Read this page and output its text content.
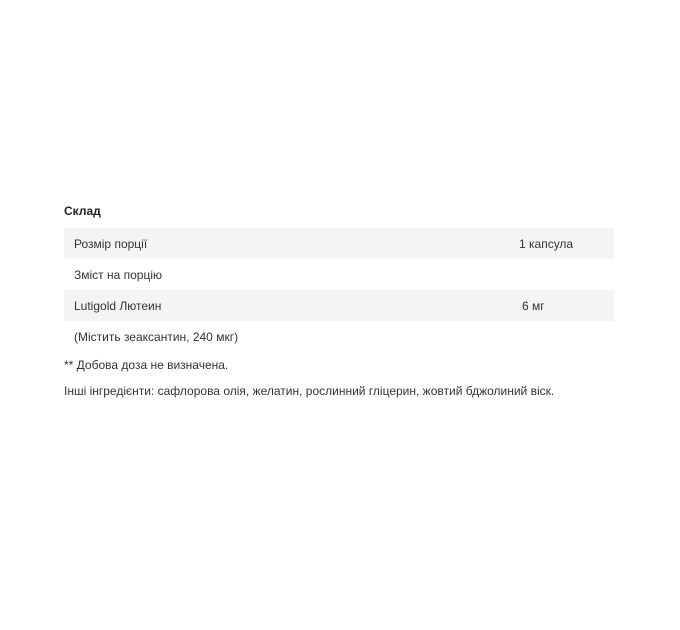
Склад
Розмір порції	1 капсула
Зміст на порцію	
Lutigold Лютеин	6 мг
(Містить зеаксантин, 240 мкг)	
** Добова доза не визначена.
Інші інгредієнти: сафлорова олія, желатин, рослинний гліцерин, жовтий бджолиний віск.
